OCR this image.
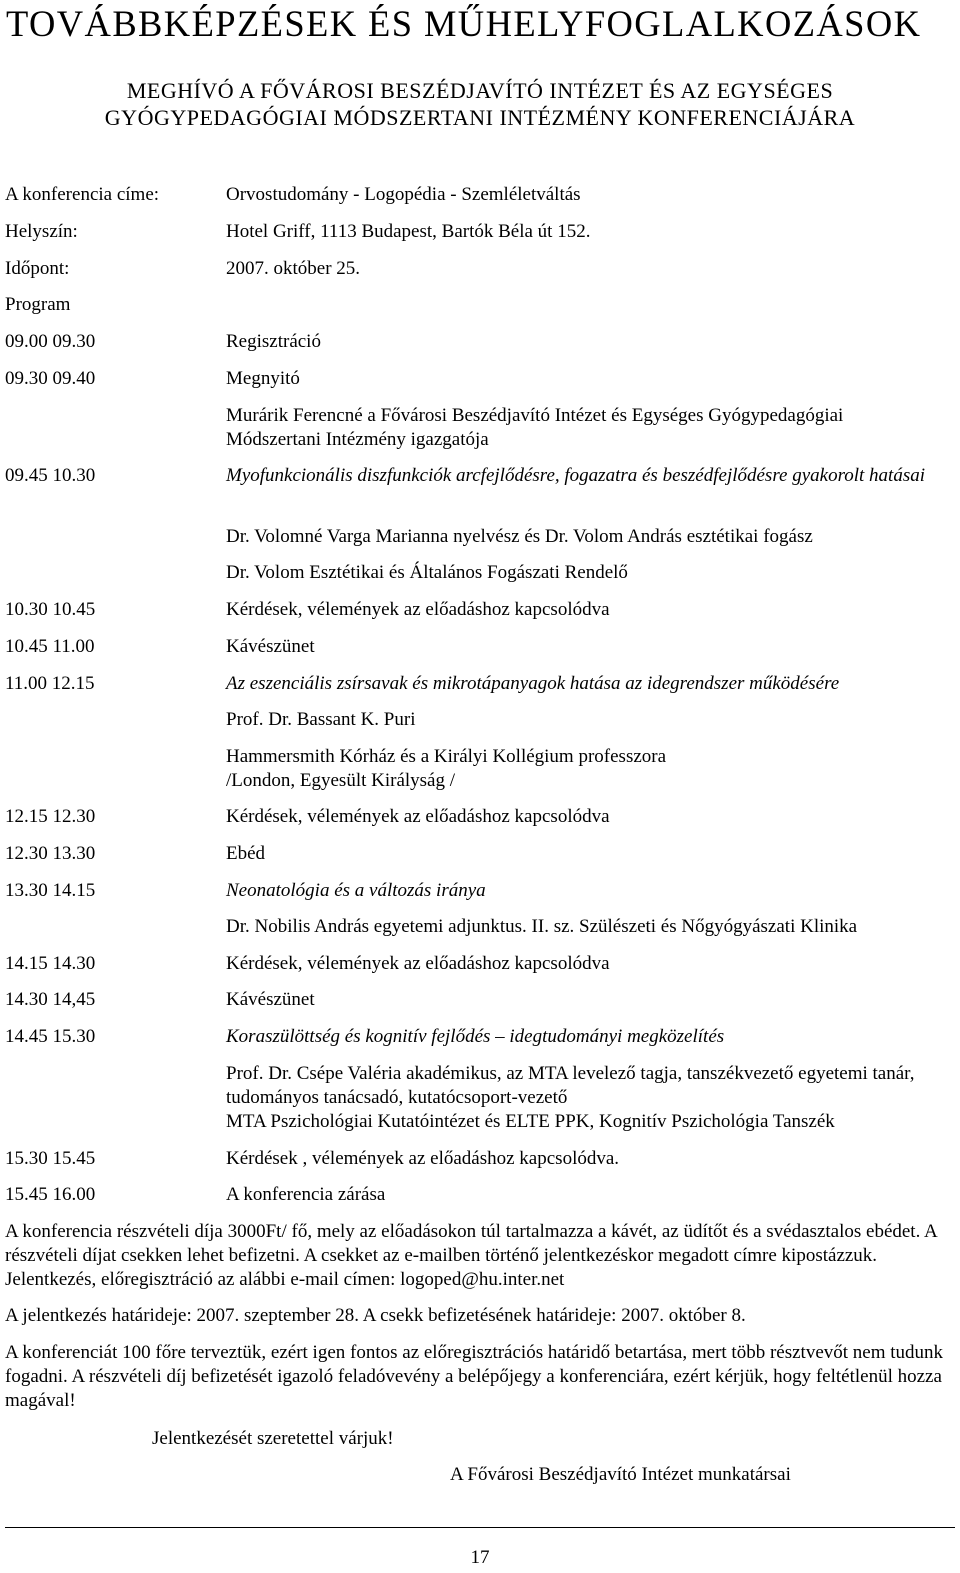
TOVÁBBKÉPZÉSEK ÉS MŰHELYFOGLALKOZÁSOK
MEGHÍVÓ A FŐVÁROSI BESZÉDJAVÍTÓ INTÉZET ÉS AZ EGYSÉGES
GYÓGYPEDAGÓGIAI MÓDSZERTANI INTÉZMÉNY KONFERENCIÁJÁRA
A konferencia címe:	Orvostudomány - Logopédia - Szemléletváltás
Helyszín:	Hotel Griff, 1113 Budapest, Bartók Béla út 152.
Időpont:	2007. október 25.
Program
09.00 09.30	Regisztráció
09.30 09.40	Megnyitó
Murárik Ferencné a Fővárosi Beszédjavító Intézet és Egységes Gyógypedagógiai Módszertani Intézmény igazgatója
09.45 10.30	Myofunkcionális diszfunkciók arcfejlődésre, fogazatra és beszédfejlődésre gyakorolt hatásai
Dr. Volomné Varga Marianna nyelvész és Dr. Volom András esztétikai fogász
Dr. Volom Esztétikai és Általános Fogászati Rendelő
10.30 10.45	Kérdések, vélemények az előadáshoz kapcsolódva
10.45 11.00	Kávészünet
11.00 12.15	Az eszenciális zsírsavak és mikrotápanyagok hatása az idegrendszer működésére
Prof. Dr. Bassant K. Puri
Hammersmith Kórház és a Királyi Kollégium professzora /London, Egyesült Királyság /
12.15 12.30	Kérdések, vélemények az előadáshoz kapcsolódva
12.30 13.30	Ebéd
13.30 14.15	Neonatológia és a változás iránya
Dr. Nobilis András egyetemi adjunktus. II. sz. Szülészeti és Nőgyógyászati Klinika
14.15 14.30	Kérdések, vélemények az előadáshoz kapcsolódva
14.30 14,45	Kávészünet
14.45 15.30	Koraszülöttség és kognitív fejlődés – idegtudományi megközelítés
Prof. Dr. Csépe Valéria akadémikus, az MTA levelező tagja, tanszékvezető egyetemi tanár, tudományos tanácsadó, kutatócsoport-vezető
MTA Pszichológiai Kutatóintézet és ELTE PPK, Kognitív Pszichológia Tanszék
15.30 15.45	Kérdések , vélemények az előadáshoz kapcsolódva.
15.45 16.00	A konferencia zárása
A konferencia részvételi díja 3000Ft/ fő, mely az előadásokon túl tartalmazza a kávét, az üdítőt és a svédasztalos ebédet. A részvételi díjat csekken lehet befizetni. A csekket az e-mailben történő jelentkezéskor megadott címre kipostázzuk. Jelentkezés, előregisztráció az alábbi e-mail címen: logoped@hu.inter.net
A jelentkezés határideje: 2007. szeptember 28. A csekk befizetésének határideje: 2007. október 8.
A konferenciát 100 főre terveztük, ezért igen fontos az előregisztrációs határidő betartása, mert több résztvevőt nem tudunk fogadni. A részvételi díj befizetését igazoló feladóvevény a belépőjegy a konferenciára, ezért kérjük, hogy feltétlenül hozza magával!
Jelentkezését szeretettel várjuk!
A Fővárosi Beszédjavító Intézet munkatársai
17
